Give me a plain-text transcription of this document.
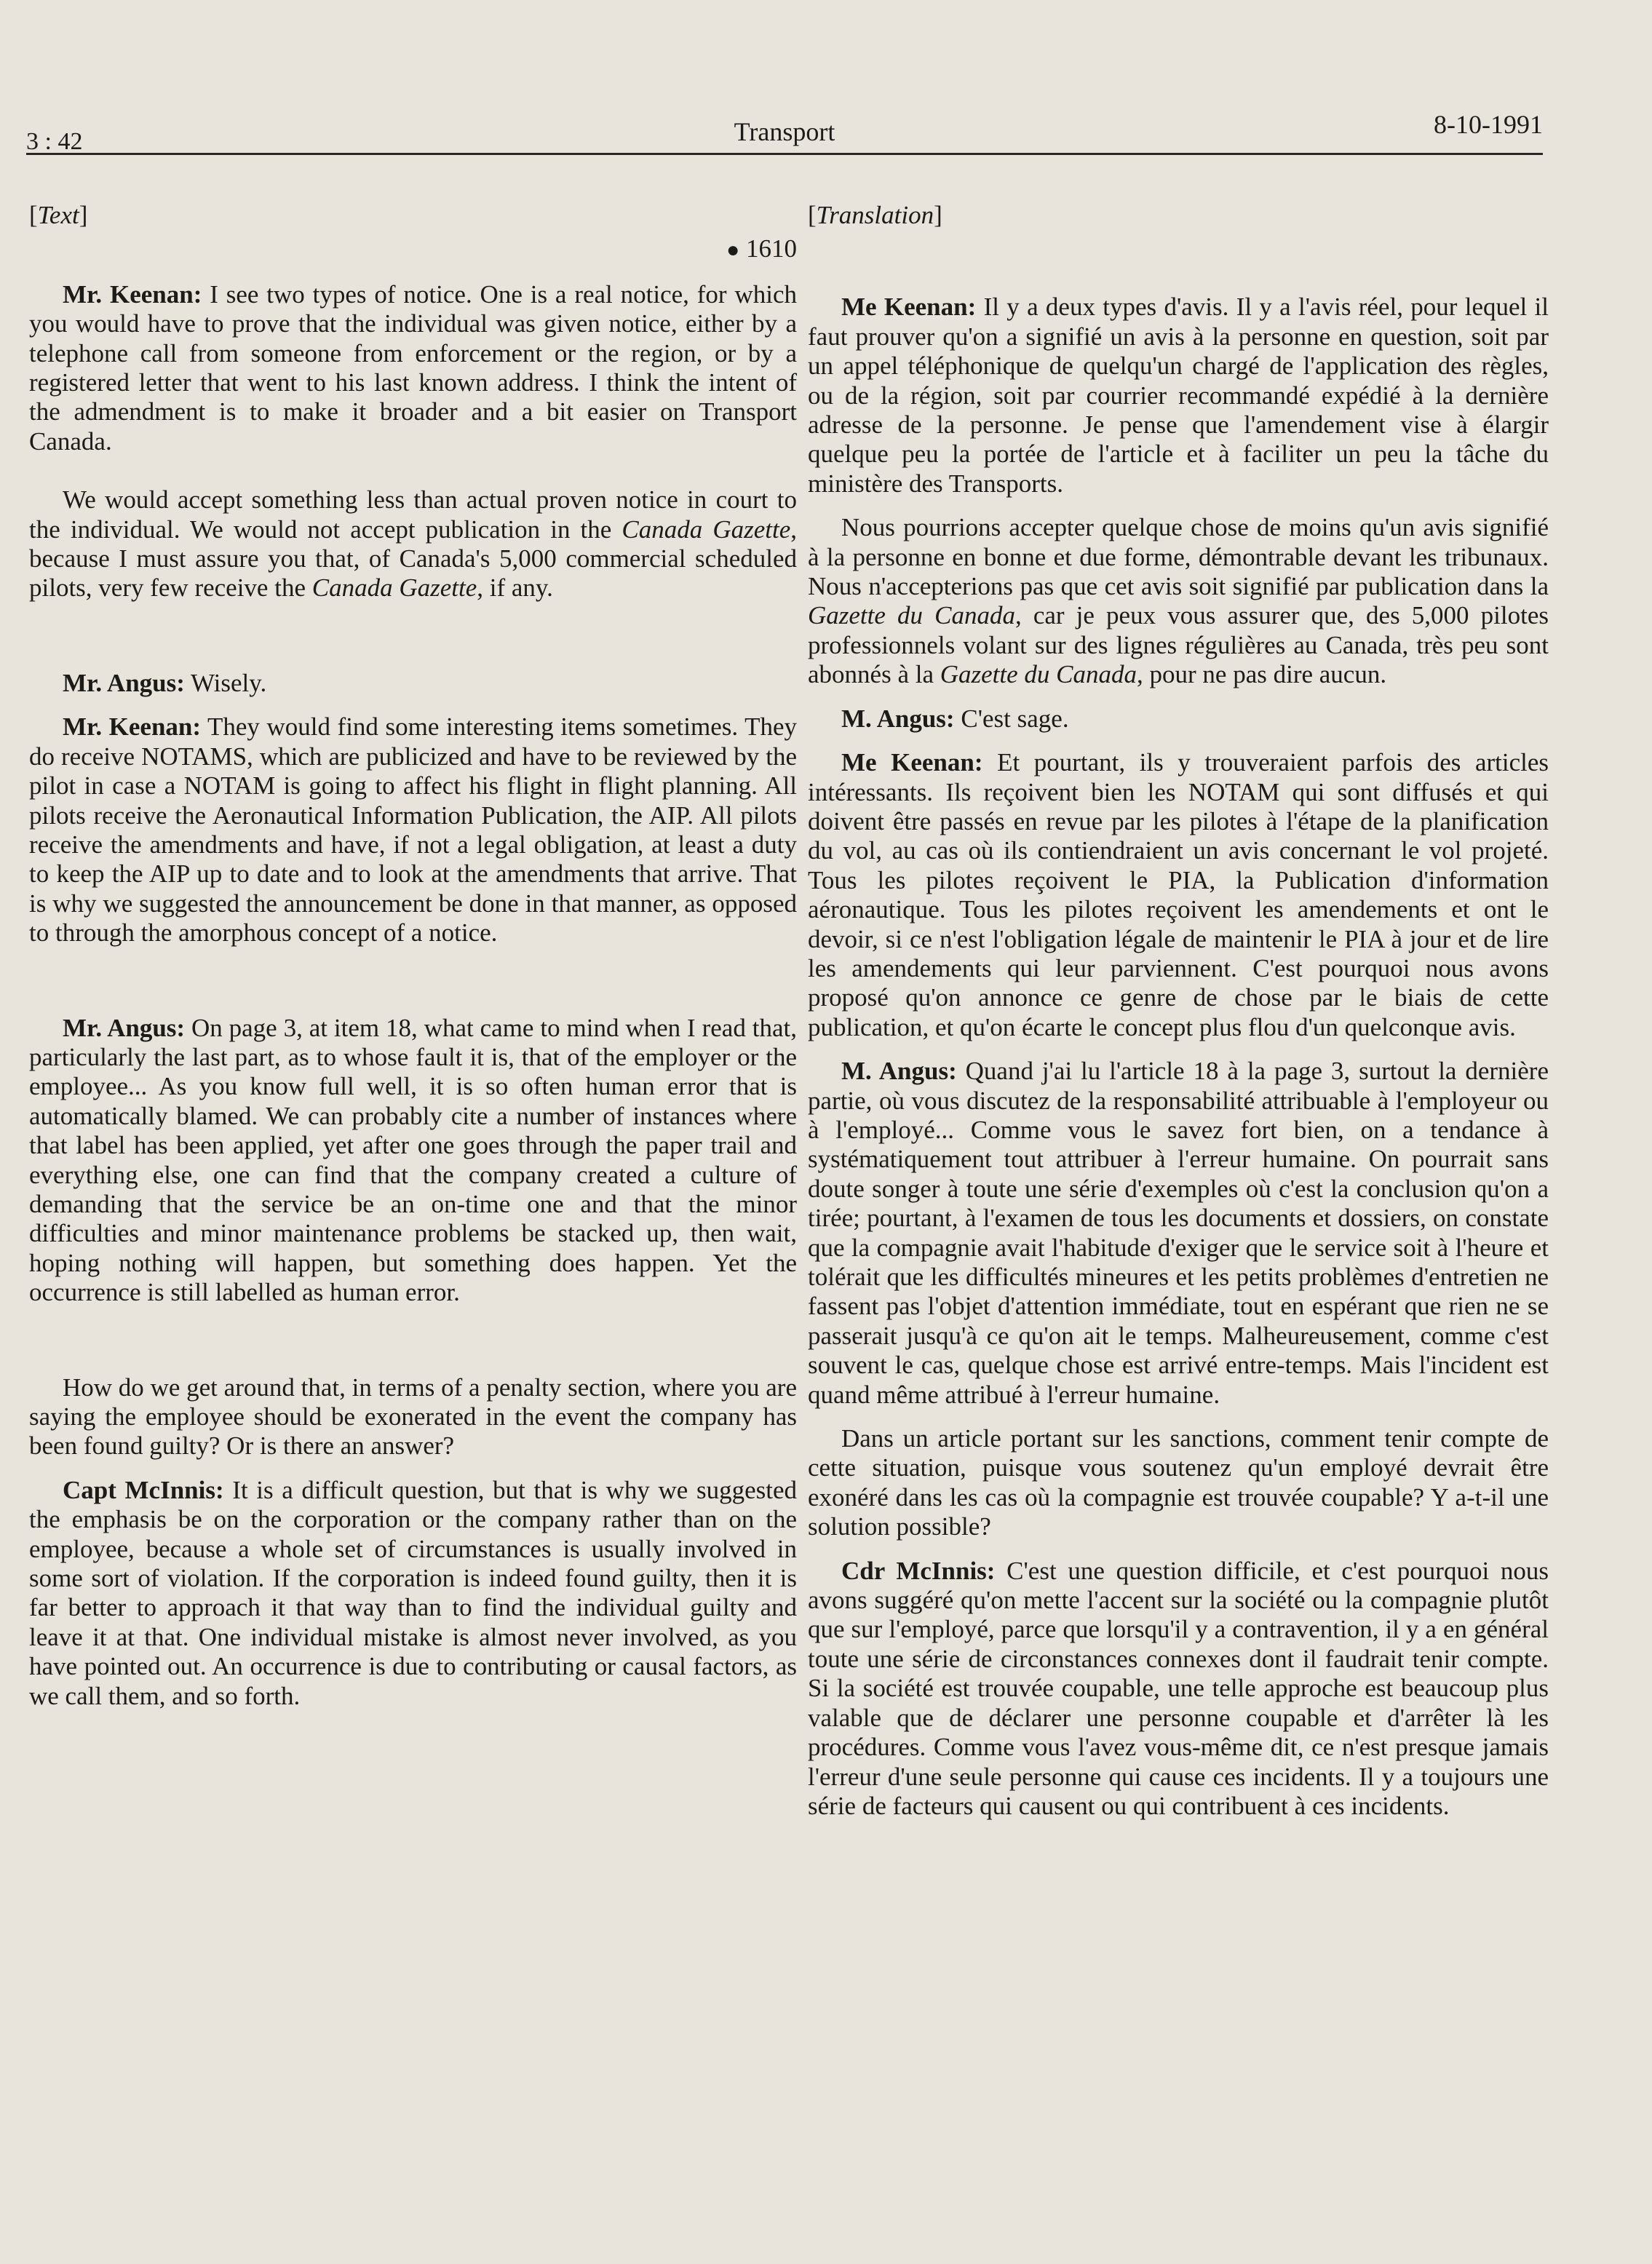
3 : 42	Transport	8-10-1991
[Text]
● 1610

Mr. Keenan: I see two types of notice. One is a real notice, for which you would have to prove that the individual was given notice, either by a telephone call from someone from enforcement or the region, or by a registered letter that went to his last known address. I think the intent of the admendment is to make it broader and a bit easier on Transport Canada.

We would accept something less than actual proven notice in court to the individual. We would not accept publication in the Canada Gazette, because I must assure you that, of Canada's 5,000 commercial scheduled pilots, very few receive the Canada Gazette, if any.

Mr. Angus: Wisely.

Mr. Keenan: They would find some interesting items sometimes. They do receive NOTAMS, which are publicized and have to be reviewed by the pilot in case a NOTAM is going to affect his flight in flight planning. All pilots receive the Aeronautical Information Publication, the AIP. All pilots receive the amendments and have, if not a legal obligation, at least a duty to keep the AIP up to date and to look at the amendments that arrive. That is why we suggested the announcement be done in that manner, as opposed to through the amorphous concept of a notice.

Mr. Angus: On page 3, at item 18, what came to mind when I read that, particularly the last part, as to whose fault it is, that of the employer or the employee... As you know full well, it is so often human error that is automatically blamed. We can probably cite a number of instances where that label has been applied, yet after one goes through the paper trail and everything else, one can find that the company created a culture of demanding that the service be an on-time one and that the minor difficulties and minor maintenance problems be stacked up, then wait, hoping nothing will happen, but something does happen. Yet the occurrence is still labelled as human error.

How do we get around that, in terms of a penalty section, where you are saying the employee should be exonerated in the event the company has been found guilty? Or is there an answer?

Capt McInnis: It is a difficult question, but that is why we suggested the emphasis be on the corporation or the company rather than on the employee, because a whole set of circumstances is usually involved in some sort of violation. If the corporation is indeed found guilty, then it is far better to approach it that way than to find the individual guilty and leave it at that. One individual mistake is almost never involved, as you have pointed out. An occurrence is due to contributing or causal factors, as we call them, and so forth.

[Translation]

Me Keenan: Il y a deux types d'avis. Il y a l'avis réel, pour lequel il faut prouver qu'on a signifié un avis à la personne en question, soit par un appel téléphonique de quelqu'un chargé de l'application des règles, ou de la région, soit par courrier recommandé expédié à la dernière adresse de la personne. Je pense que l'amendement vise à élargir quelque peu la portée de l'article et à faciliter un peu la tâche du ministère des Transports.

Nous pourrions accepter quelque chose de moins qu'un avis signifié à la personne en bonne et due forme, démontrable devant les tribunaux. Nous n'accepterions pas que cet avis soit signifié par publication dans la Gazette du Canada, car je peux vous assurer que, des 5,000 pilotes professionnels volant sur des lignes régulières au Canada, très peu sont abonnés à la Gazette du Canada, pour ne pas dire aucun.

M. Angus: C'est sage.

Me Keenan: Et pourtant, ils y trouveraient parfois des articles intéressants. Ils reçoivent bien les NOTAM qui sont diffusés et qui doivent être passés en revue par les pilotes à l'étape de la planification du vol, au cas où ils contiendraient un avis concernant le vol projeté. Tous les pilotes reçoivent le PIA, la Publication d'information aéronautique. Tous les pilotes reçoivent les amendements et ont le devoir, si ce n'est l'obligation légale de maintenir le PIA à jour et de lire les amendements qui leur parviennent. C'est pourquoi nous avons proposé qu'on annonce ce genre de chose par le biais de cette publication, et qu'on écarte le concept plus flou d'un quelconque avis.

M. Angus: Quand j'ai lu l'article 18 à la page 3, surtout la dernière partie, où vous discutez de la responsabilité attribuable à l'employeur ou à l'employé... Comme vous le savez fort bien, on a tendance à systématiquement tout attribuer à l'erreur humaine. On pourrait sans doute songer à toute une série d'exemples où c'est la conclusion qu'on a tirée; pourtant, à l'examen de tous les documents et dossiers, on constate que la compagnie avait l'habitude d'exiger que le service soit à l'heure et tolérait que les difficultés mineures et les petits problèmes d'entretien ne fassent pas l'objet d'attention immédiate, tout en espérant que rien ne se passerait jusqu'à ce qu'on ait le temps. Malheureusement, comme c'est souvent le cas, quelque chose est arrivé entre-temps. Mais l'incident est quand même attribué à l'erreur humaine.

Dans un article portant sur les sanctions, comment tenir compte de cette situation, puisque vous soutenez qu'un employé devrait être exonéré dans les cas où la compagnie est trouvée coupable? Y a-t-il une solution possible?

Cdr McInnis: C'est une question difficile, et c'est pourquoi nous avons suggéré qu'on mette l'accent sur la société ou la compagnie plutôt que sur l'employé, parce que lorsqu'il y a contravention, il y a en général toute une série de circonstances connexes dont il faudrait tenir compte. Si la société est trouvée coupable, une telle approche est beaucoup plus valable que de déclarer une personne coupable et d'arrêter là les procédures. Comme vous l'avez vous-même dit, ce n'est presque jamais l'erreur d'une seule personne qui cause ces incidents. Il y a toujours une série de facteurs qui causent ou qui contribuent à ces incidents.
